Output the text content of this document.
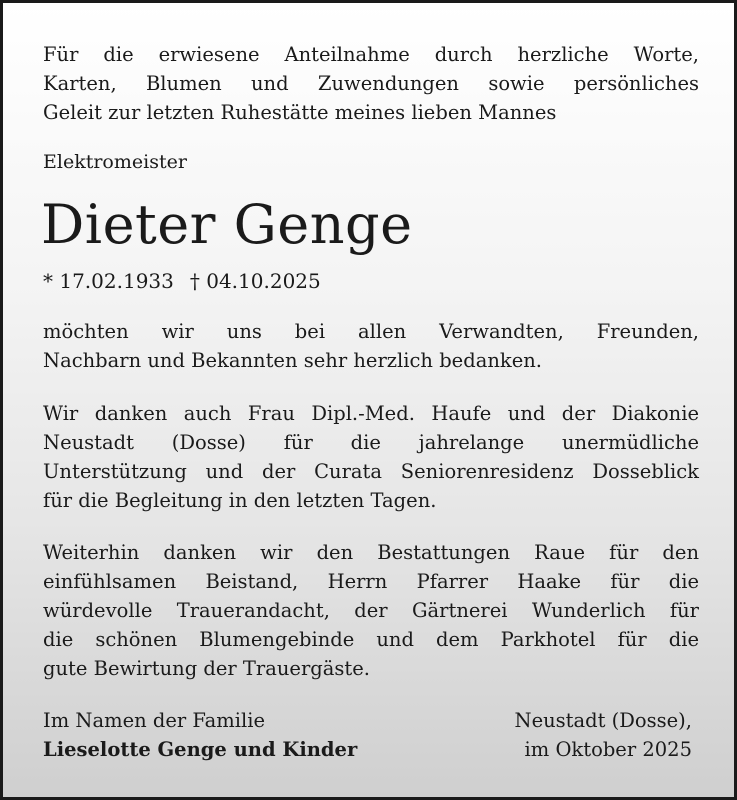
Für die erwiesene Anteilnahme durch herzliche Worte,
Karten, Blumen und Zuwendungen sowie persönliches
Geleit zur letzten Ruhestätte meines lieben Mannes
Elektromeister
Dieter Genge
* 17.02.1933 † 04.10.2025
möchten wir uns bei allen Verwandten, Freunden,
Nachbarn und Bekannten sehr herzlich bedanken.
Wir danken auch Frau Dipl.-Med. Haufe und der Diakonie
Neustadt (Dosse) für die jahrelange unermüdliche
Unterstützung und der Curata Seniorenresidenz Dosseblick
für die Begleitung in den letzten Tagen.
Weiterhin danken wir den Bestattungen Raue für den
einfühlsamen Beistand, Herrn Pfarrer Haake für die
würdevolle Trauerandacht, der Gärtnerei Wunderlich für
die schönen Blumengebinde und dem Parkhotel für die
gute Bewirtung der Trauergäste.
Im Namen der Familie
Lieselotte Genge und Kinder
Neustadt (Dosse),
im Oktober 2025
